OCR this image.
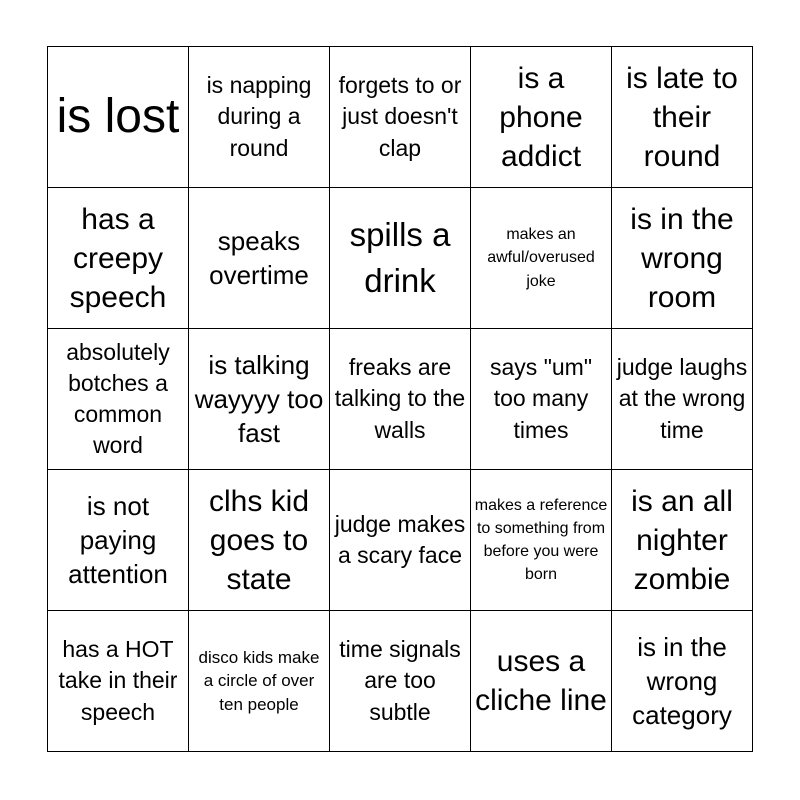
is lost
is napping during a round
forgets to or just doesn't clap
is a phone addict
is late to their round
has a creepy speech
speaks overtime
spills a drink
makes an awful/overused joke
is in the wrong room
absolutely botches a common word
is talking wayyyy too fast
freaks are talking to the walls
says "um" too many times
judge laughs at the wrong time
is not paying attention
clhs kid goes to state
judge makes a scary face
makes a reference to something from before you were born
is an all nighter zombie
has a HOT take in their speech
disco kids make a circle of over ten people
time signals are too subtle
uses a cliche line
is in the wrong category
